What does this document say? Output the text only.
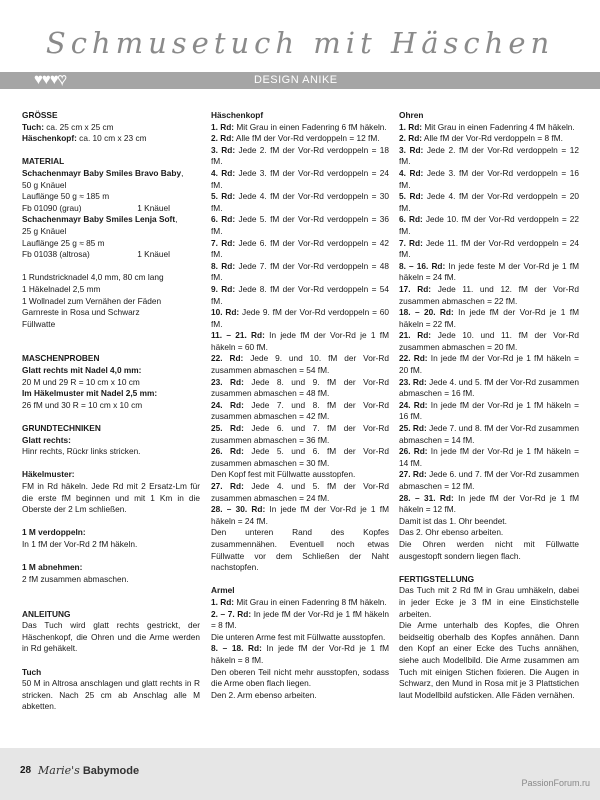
Schmusetuch mit Häschen
♥♥♥♥	DESIGN ANIKE

GRÖSSE

Tuch: ca. 25 cm x 25 cm
Häschenkopf: ca. 10 cm x 23 cm

MATERIAL

Schachenmayr Baby Smiles Bravo Baby,
50 g Knäuel
Lauflänge 50 g ≈ 185 m
Fb 01090 (grau)	1 Knäuel
Schachenmayr Baby Smiles Lenja Soft,
25 g Knäuel
Lauflänge 25 g ≈ 85 m
Fb 01038 (altrosa)	1 Knäuel
1 Rundstricknadel 4,0 mm, 80 cm lang
1 Häkelnadel 2,5 mm
1 Wollnadel zum Vernähen der Fäden
Garnreste in Rosa und Schwarz
Füllwatte

MASCHENPROBEN

Glatt rechts mit Nadel 4,0 mm:
20 M und 29 R = 10 cm x 10 cm
Im Häkelmuster mit Nadel 2,5 mm:
26 fM und 30 R = 10 cm x 10 cm

GRUNDTECHNIKEN

Glatt rechts:
Hinr rechts, Rückr links stricken.
Häkelmuster:
FM in Rd häkeln. Jede Rd mit 2 Ersatz-Lm für die erste fM beginnen und mit 1 Km in die Oberste der 2 Lm schließen.
1 M verdoppeln:
In 1 fM der Vor-Rd 2 fM häkeln.
1 M abnehmen:
2 fM zusammen abmaschen.

ANLEITUNG

Das Tuch wird glatt rechts gestrickt, der Häschenkopf, die Ohren und die Arme werden in Rd gehäkelt.

Tuch

50 M in Altrosa anschlagen und glatt rechts in R stricken. Nach 25 cm ab Anschlag alle M abketten.

Häschenkopf

1. Rd: Mit Grau in einen Fadenring 6 fM häkeln.
2. Rd: Alle fM der Vor-Rd verdoppeln = 12 fM.
3. Rd: Jede 2. fM der Vor-Rd verdoppeln = 18 fM.
4. Rd: Jede 3. fM der Vor-Rd verdoppeln = 24 fM.
5. Rd: Jede 4. fM der Vor-Rd verdoppeln = 30 fM.
6. Rd: Jede 5. fM der Vor-Rd verdoppeln = 36 fM.
7. Rd: Jede 6. fM der Vor-Rd verdoppeln = 42 fM.
8. Rd: Jede 7. fM der Vor-Rd verdoppeln = 48 fM.
9. Rd: Jede 8. fM der Vor-Rd verdoppeln = 54 fM.
10. Rd: Jede 9. fM der Vor-Rd verdoppeln = 60 fM.
11. – 21. Rd: In jede fM der Vor-Rd je 1 fM häkeln = 60 fM.
22. Rd: Jede 9. und 10. fM der Vor-Rd zusammen abmaschen = 54 fM.
23. Rd: Jede 8. und 9. fM der Vor-Rd zusammen abmaschen = 48 fM.
24. Rd: Jede 7. und 8. fM der Vor-Rd zusammen abmaschen = 42 fM.
25. Rd: Jede 6. und 7. fM der Vor-Rd zusammen abmaschen = 36 fM.
26. Rd: Jede 5. und 6. fM der Vor-Rd zusammen abmaschen = 30 fM.
Den Kopf fest mit Füllwatte ausstopfen.
27. Rd: Jede 4. und 5. fM der Vor-Rd zusammen abmaschen = 24 fM.
28. – 30. Rd: In jede fM der Vor-Rd je 1 fM häkeln = 24 fM.
Den unteren Rand des Kopfes zusammennähen. Eventuell noch etwas Füllwatte vor dem Schließen der Naht nachstopfen.

Armel

1. Rd: Mit Grau in einen Fadenring 8 fM häkeln.
2. – 7. Rd: In jede fM der Vor-Rd je 1 fM häkeln = 8 fM.
Die unteren Arme fest mit Füllwatte ausstopfen.
8. – 18. Rd: In jede fM der Vor-Rd je 1 fM häkeln = 8 fM.
Den oberen Teil nicht mehr ausstopfen, sodass die Arme oben flach liegen.
Den 2. Arm ebenso arbeiten.

Ohren

1. Rd: Mit Grau in einen Fadenring 4 fM häkeln.
2. Rd: Alle fM der Vor-Rd verdoppeln = 8 fM.
3. Rd: Jede 2. fM der Vor-Rd verdoppeln = 12 fM.
4. Rd: Jede 3. fM der Vor-Rd verdoppeln = 16 fM.
5. Rd: Jede 4. fM der Vor-Rd verdoppeln = 20 fM.
6. Rd: Jede 10. fM der Vor-Rd verdoppeln = 22 fM.
7. Rd: Jede 11. fM der Vor-Rd verdoppeln = 24 fM.
8. – 16. Rd: In jede feste M der Vor-Rd je 1 fM häkeln = 24 fM.
17. Rd: Jede 11. und 12. fM der Vor-Rd zusammen abmaschen = 22 fM.
18. – 20. Rd: In jede fM der Vor-Rd je 1 fM häkeln = 22 fM.
21. Rd: Jede 10. und 11. fM der Vor-Rd zusammen abmaschen = 20 fM.
22. Rd: In jede fM der Vor-Rd je 1 fM häkeln = 20 fM.
23. Rd: Jede 4. und 5. fM der Vor-Rd zusammen abmaschen = 16 fM.
24. Rd: In jede fM der Vor-Rd je 1 fM häkeln = 16 fM.
25. Rd: Jede 7. und 8. fM der Vor-Rd zusammen abmaschen = 14 fM.
26. Rd: In jede fM der Vor-Rd je 1 fM häkeln = 14 fM.
27. Rd: Jede 6. und 7. fM der Vor-Rd zusammen abmaschen = 12 fM.
28. – 31. Rd: In jede fM der Vor-Rd je 1 fM häkeln = 12 fM.
Damit ist das 1. Ohr beendet.
Das 2. Ohr ebenso arbeiten.
Die Ohren werden nicht mit Füllwatte ausgestopft sondern liegen flach.

FERTIGSTELLUNG

Das Tuch mit 2 Rd fM in Grau umhäkeln, dabei in jeder Ecke je 3 fM in eine Einstichstelle arbeiten.
Die Arme unterhalb des Kopfes, die Ohren beidseitig oberhalb des Kopfes annähen. Dann den Kopf an einer Ecke des Tuchs annähen, siehe auch Modellbild. Die Arme zusammen am Tuch mit einigen Stichen fixieren. Die Augen in Schwarz, den Mund in Rosa mit je 3 Plattstichen laut Modellbild aufsticken. Alle Fäden vernähen.
28 Marie's Babymode
PassionForum.ru
